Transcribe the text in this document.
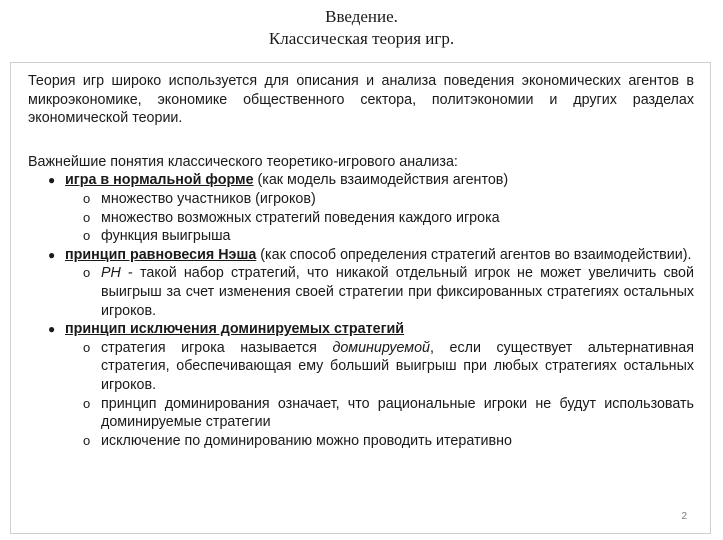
Введение.
Классическая теория игр.

Теория игр широко используется для описания и анализа поведения экономических агентов в микроэкономике, экономике общественного сектора, политэкономии и других разделах экономической теории.

Важнейшие понятия классического теоретико-игрового анализа:

● игра в нормальной форме (как модель взаимодействия агентов)
o множество участников (игроков)
o множество возможных стратегий поведения каждого игрока
o функция выигрыша
● принцип равновесия Нэша (как способ определения стратегий агентов во взаимодействии).
o PH - такой набор стратегий, что никакой отдельный игрок не может увеличить свой выигрыш за счет изменения своей стратегии при фиксированных стратегиях остальных игроков.
● принцип исключения доминируемых стратегий
o стратегия игрока называется доминируемой, если существует альтернативная стратегия, обеспечивающая ему больший выигрыш при любых стратегиях остальных игроков.
o принцип доминирования означает, что рациональные игроки не будут использовать доминируемые стратегии
o исключение по доминированию можно проводить итеративно
2
